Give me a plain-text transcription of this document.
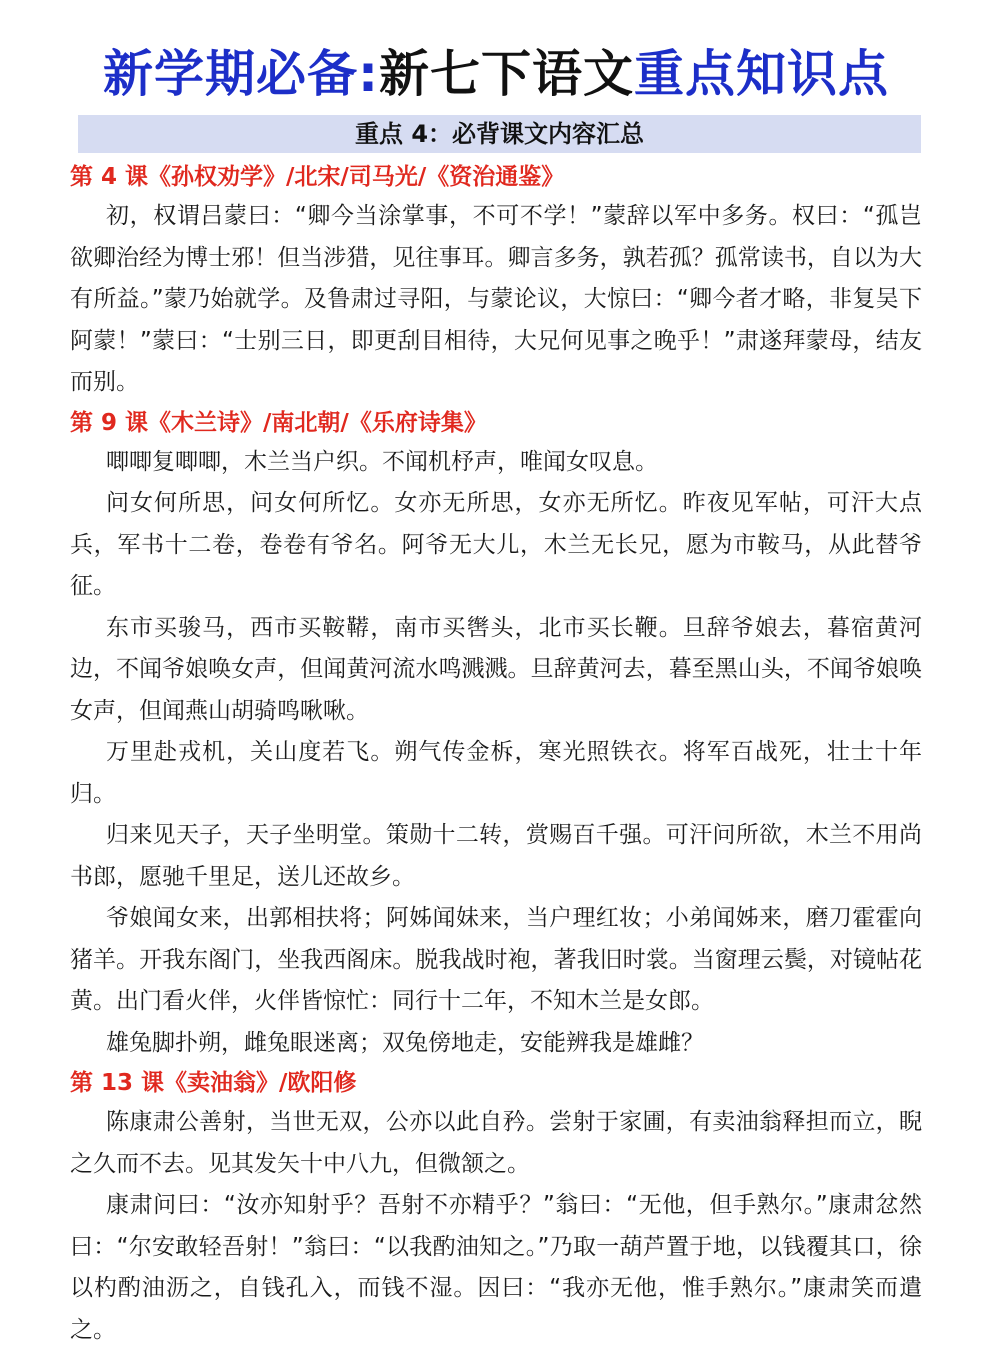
新学期必备:新七下语文重点知识点
重点 4：必背课文内容汇总
第 4 课《孙权劝学》/北宋/司马光/《资治通鉴》

初，权谓吕蒙曰：“卿今当涂掌事，不可不学！”蒙辞以军中多务。权曰：“孤岂欲卿治经为博士邪！但当涉猎，见往事耳。卿言多务，孰若孤？孤常读书，自以为大有所益。”蒙乃始就学。及鲁肃过寻阳，与蒙论议，大惊曰：“卿今者才略，非复吴下阿蒙！”蒙曰：“士别三日，即更刮目相待，大兄何见事之晚乎！”肃遂拜蒙母，结友而别。

第 9 课《木兰诗》/南北朝/《乐府诗集》

唧唧复唧唧，木兰当户织。不闻机杼声，唯闻女叹息。

问女何所思，问女何所忆。女亦无所思，女亦无所忆。昨夜见军帖，可汗大点兵，军书十二卷，卷卷有爷名。阿爷无大儿，木兰无长兄，愿为市鞍马，从此替爷征。

东市买骏马，西市买鞍鞯，南市买辔头，北市买长鞭。旦辞爷娘去，暮宿黄河边，不闻爷娘唤女声，但闻黄河流水鸣溅溅。旦辞黄河去，暮至黑山头，不闻爷娘唤女声，但闻燕山胡骑鸣啾啾。

万里赴戎机，关山度若飞。朔气传金柝，寒光照铁衣。将军百战死，壮士十年归。

归来见天子，天子坐明堂。策勋十二转，赏赐百千强。可汗问所欲，木兰不用尚书郎，愿驰千里足，送儿还故乡。

爷娘闻女来，出郭相扶将；阿姊闻妹来，当户理红妆；小弟闻姊来，磨刀霍霍向猪羊。开我东阁门，坐我西阁床。脱我战时袍，著我旧时裳。当窗理云鬓，对镜帖花黄。出门看火伴，火伴皆惊忙：同行十二年，不知木兰是女郎。

雄兔脚扑朔，雌兔眼迷离；双兔傍地走，安能辨我是雄雌？

第 13 课《卖油翁》/欧阳修

陈康肃公善射，当世无双，公亦以此自矜。尝射于家圃，有卖油翁释担而立，睨之久而不去。见其发矢十中八九，但微颔之。

康肃问曰：“汝亦知射乎？吾射不亦精乎？”翁曰：“无他，但手熟尔。”康肃忿然曰：“尔安敢轻吾射！”翁曰：“以我酌油知之。”乃取一葫芦置于地，以钱覆其口，徐以杓酌油沥之，自钱孔入，而钱不湿。因曰：“我亦无他，惟手熟尔。”康肃笑而遣之。
